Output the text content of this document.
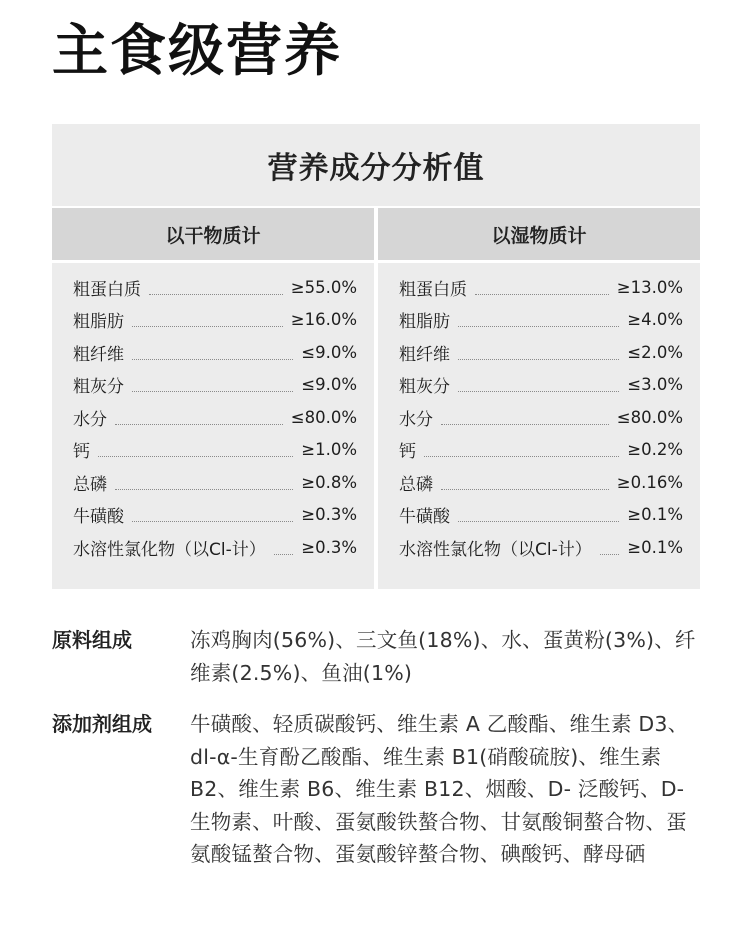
主食级营养
营养成分分析值
以干物质计
粗蛋白质	≥55.0%
粗脂肪	≥16.0%
粗纤维	≤9.0%
粗灰分	≤9.0%
水分	≤80.0%
钙	≥1.0%
总磷	≥0.8%
牛磺酸	≥0.3%
水溶性氯化物（以Cl-计） ≥0.3%
以湿物质计
粗蛋白质	≥13.0%
粗脂肪	≥4.0%
粗纤维	≤2.0%
粗灰分	≤3.0%
水分	≤80.0%
钙	≥0.2%
总磷	≥0.16%
牛磺酸	≥0.1%
水溶性氯化物（以Cl-计） ≥0.1%
原料组成	冻鸡胸肉(56%)、三文鱼(18%)、水、蛋黄粉(3%)、纤维素(2.5%)、鱼油(1%)
添加剂组成	牛磺酸、轻质碳酸钙、维生素 A 乙酸酯、维生素 D3、dl-α-生育酚乙酸酯、维生素 B1(硝酸硫胺)、维生素 B2、维生素 B6、维生素 B12、烟酸、D- 泛酸钙、D- 生物素、叶酸、蛋氨酸铁螯合物、甘氨酸铜螯合物、蛋氨酸锰螯合物、蛋氨酸锌螯合物、碘酸钙、酵母硒
